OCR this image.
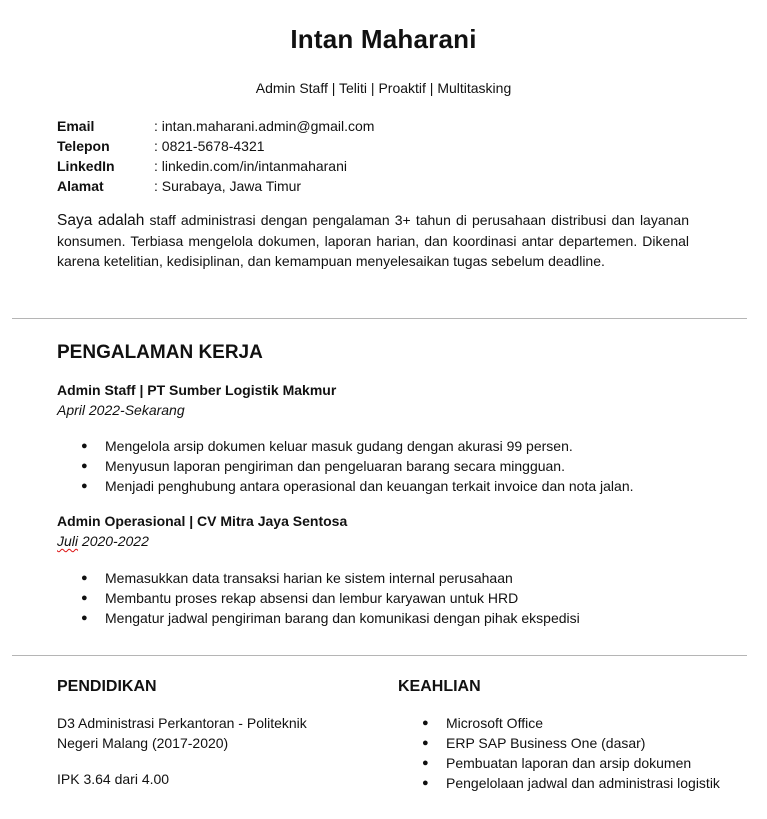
Intan Maharani
Admin Staff | Teliti | Proaktif | Multitasking
Email	: intan.maharani.admin@gmail.com
Telepon	: 0821-5678-4321
LinkedIn	: linkedin.com/in/intanmaharani
Alamat	: Surabaya, Jawa Timur
Saya adalah staff administrasi dengan pengalaman 3+ tahun di perusahaan distribusi dan layanan konsumen. Terbiasa mengelola dokumen, laporan harian, dan koordinasi antar departemen. Dikenal karena ketelitian, kedisiplinan, dan kemampuan menyelesaikan tugas sebelum deadline.
PENGALAMAN KERJA
Admin Staff | PT Sumber Logistik Makmur
April 2022-Sekarang
● Mengelola arsip dokumen keluar masuk gudang dengan akurasi 99 persen.
● Menyusun laporan pengiriman dan pengeluaran barang secara mingguan.
● Menjadi penghubung antara operasional dan keuangan terkait invoice dan nota jalan.
Admin Operasional | CV Mitra Jaya Sentosa
Juli 2020-2022
● Memasukkan data transaksi harian ke sistem internal perusahaan
● Membantu proses rekap absensi dan lembur karyawan untuk HRD
● Mengatur jadwal pengiriman barang dan komunikasi dengan pihak ekspedisi
PENDIDIKAN
D3 Administrasi Perkantoran - Politeknik Negeri Malang (2017-2020)
IPK 3.64 dari 4.00
KEAHLIAN
● Microsoft Office
● ERP SAP Business One (dasar)
● Pembuatan laporan dan arsip dokumen
● Pengelolaan jadwal dan administrasi logistik
